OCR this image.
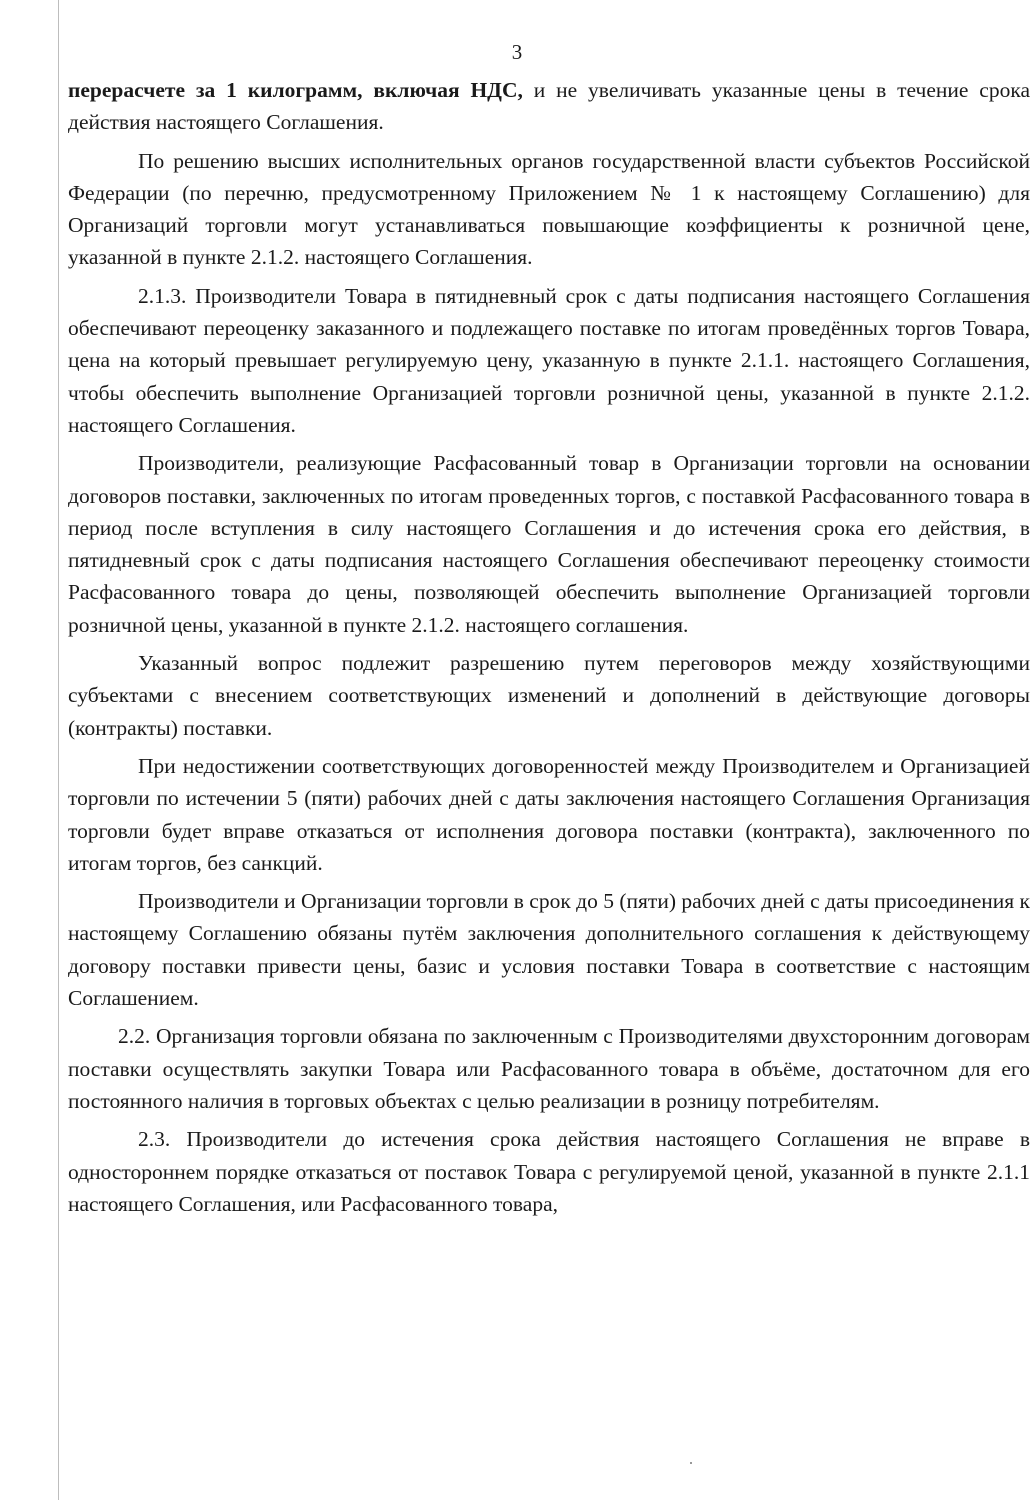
3

перерасчете за 1 килограмм, включая НДС, и не увеличивать указанные цены в течение срока действия настоящего Соглашения.

По решению высших исполнительных органов государственной власти субъектов Российской Федерации (по перечню, предусмотренному Приложением № 1 к настоящему Соглашению) для Организаций торговли могут устанавливаться повышающие коэффициенты к розничной цене, указанной в пункте 2.1.2. настоящего Соглашения.

2.1.3. Производители Товара в пятидневный срок с даты подписания настоящего Соглашения обеспечивают переоценку заказанного и подлежащего поставке по итогам проведённых торгов Товара, цена на который превышает регулируемую цену, указанную в пункте 2.1.1. настоящего Соглашения, чтобы обеспечить выполнение Организацией торговли розничной цены, указанной в пункте 2.1.2. настоящего Соглашения.

Производители, реализующие Расфасованный товар в Организации торговли на основании договоров поставки, заключенных по итогам проведенных торгов, с поставкой Расфасованного товара в период после вступления в силу настоящего Соглашения и до истечения срока его действия, в пятидневный срок с даты подписания настоящего Соглашения обеспечивают переоценку стоимости Расфасованного товара до цены, позволяющей обеспечить выполнение Организацией торговли розничной цены, указанной в пункте 2.1.2. настоящего соглашения.

Указанный вопрос подлежит разрешению путем переговоров между хозяйствующими субъектами с внесением соответствующих изменений и дополнений в действующие договоры (контракты) поставки.

При недостижении соответствующих договоренностей между Производителем и Организацией торговли по истечении 5 (пяти) рабочих дней с даты заключения настоящего Соглашения Организация торговли будет вправе отказаться от исполнения договора поставки (контракта), заключенного по итогам торгов, без санкций.

Производители и Организации торговли в срок до 5 (пяти) рабочих дней с даты присоединения к настоящему Соглашению обязаны путём заключения дополнительного соглашения к действующему договору поставки привести цены, базис и условия поставки Товара в соответствие с настоящим Соглашением.

2.2. Организация торговли обязана по заключенным с Производителями двухсторонним договорам поставки осуществлять закупки Товара или Расфасованного товара в объёме, достаточном для его постоянного наличия в торговых объектах с целью реализации в розницу потребителям.

2.3. Производители до истечения срока действия настоящего Соглашения не вправе в одностороннем порядке отказаться от поставок Товара с регулируемой ценой, указанной в пункте 2.1.1 настоящего Соглашения, или Расфасованного товара,
